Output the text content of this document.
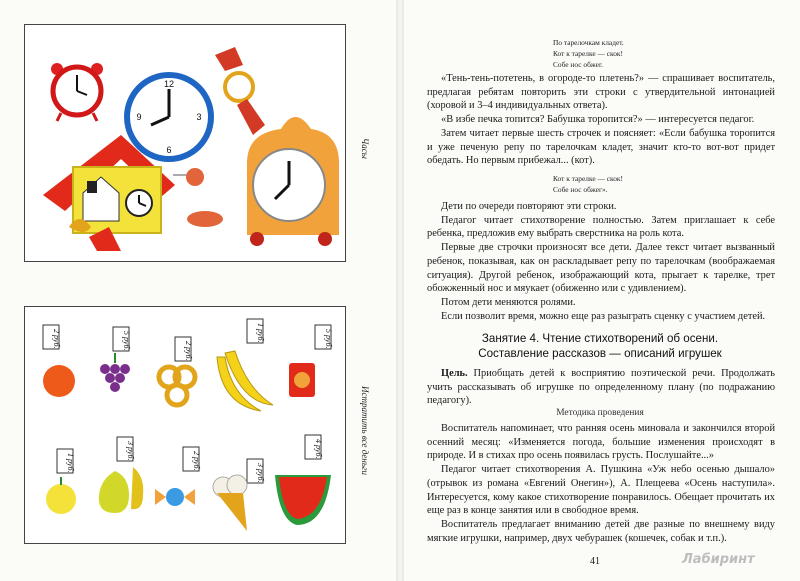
12
3
6
9
Часы
2 руб.	5 руб.
2 руб.
1 руб.	5 руб.
1 руб.
3 руб.
2 руб.
3 руб.
4 руб.	Истратить все деньги
По тарелочкам кладет.
Кот к тарелке — скок!
Собе нос обжег.

«Тень-тень-потетень, в огороде-то плетень?» — спрашивает воспитатель, предлагая ребятам повторить эти строки с утвердительной интонацией (хоровой и 3–4 индивидуальных ответа).

«В избе печка топится? Бабушка торопится?» — интересуется педагог.

Затем читает первые шесть строчек и поясняет: «Если бабушка торопится и уже печеную репу по тарелочкам кладет, значит кто-то вот-вот придет обедать. Но первым прибежал... (кот).

Кот к тарелке — скок!
Собе нос обжег».

Дети по очереди повторяют эти строки.

Педагог читает стихотворение полностью. Затем приглашает к себе ребенка, предложив ему выбрать сверстника на роль кота.

Первые две строчки произносят все дети. Далее текст читает вызванный ребенок, показывая, как он раскладывает репу по тарелочкам (воображаемая ситуация). Другой ребенок, изображающий кота, прыгает к тарелке, трет обожженный нос и мяукает (обиженно или с удивлением).

Потом дети меняются ролями.

Если позволит время, можно еще раз разыграть сценку с участием детей.

Занятие 4. Чтение стихотворений об осени.
Составление рассказов — описаний игрушек

Цель. Приобщать детей к восприятию поэтической речи. Продолжать учить рассказывать об игрушке по определенному плану (по подражанию педагогу).

Методика проведения

Воспитатель напоминает, что ранняя осень миновала и закончился второй осенний месяц: «Изменяется погода, большие изменения происходят в природе. И в стихах про осень появилась грусть. Послушайте...»

Педагог читает стихотворения А. Пушкина «Уж небо осенью дышало» (отрывок из романа «Евгений Онегин»), А. Плещеева «Осень наступила». Интересуется, кому какое стихотворение понравилось. Обещает прочитать их еще раз в конце занятия или в свободное время.

Воспитатель предлагает вниманию детей две разные по внешнему виду мягкие игрушки, например, двух чебурашек (кошечек, собак и т.п.).

41	Лабиринт
